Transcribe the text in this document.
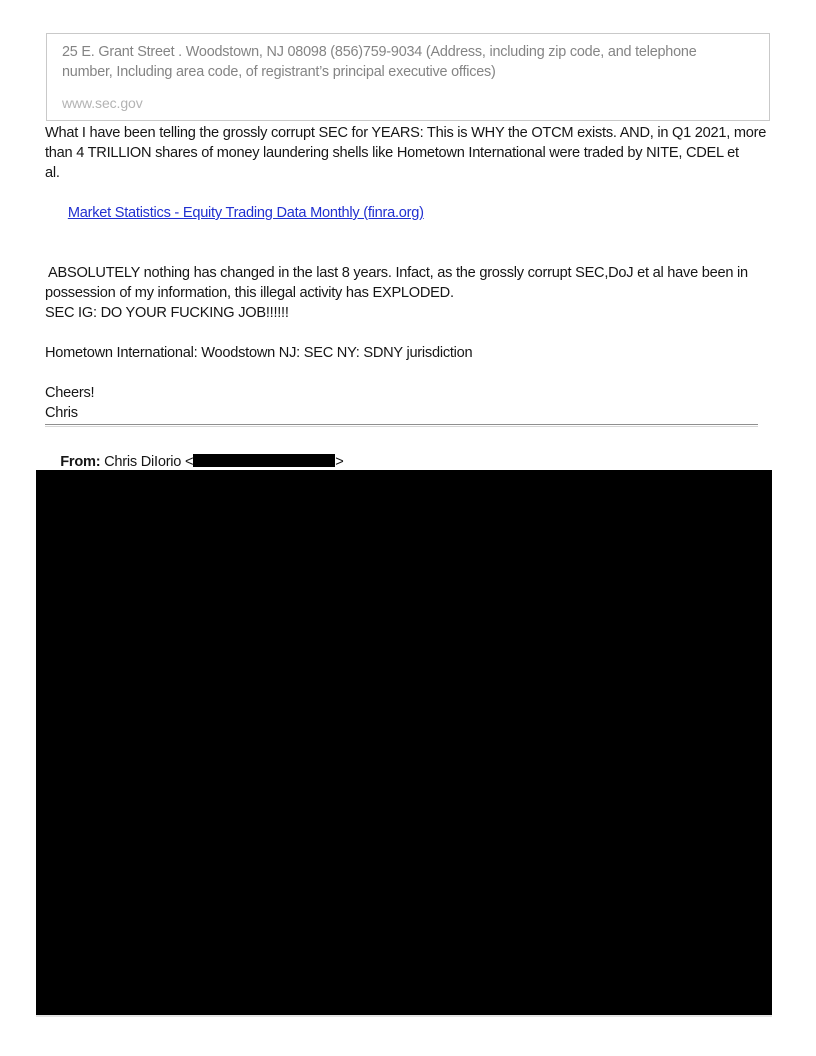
25 E. Grant Street . Woodstown, NJ 08098 (856)759-9034 (Address, including zip code, and telephone
number, Including area code, of registrant’s principal executive offices)
www.sec.gov
What I have been telling the grossly corrupt SEC for YEARS: This is WHY the OTCM exists. AND, in Q1 2021, more
than 4 TRILLION shares of money laundering shells like Hometown International were traded by NITE, CDEL et
al.

Market Statistics - Equity Trading Data Monthly (finra.org)

ABSOLUTELY nothing has changed in the last 8 years. Infact, as the grossly corrupt SEC,DoJ et al have been in
possession of my information, this illegal activity has EXPLODED.
SEC IG: DO YOUR FUCKING JOB!!!!!!
Hometown International: Woodstown NJ: SEC NY: SDNY jurisdiction
Cheers!
Chris

From: Chris DiIorio <	>
